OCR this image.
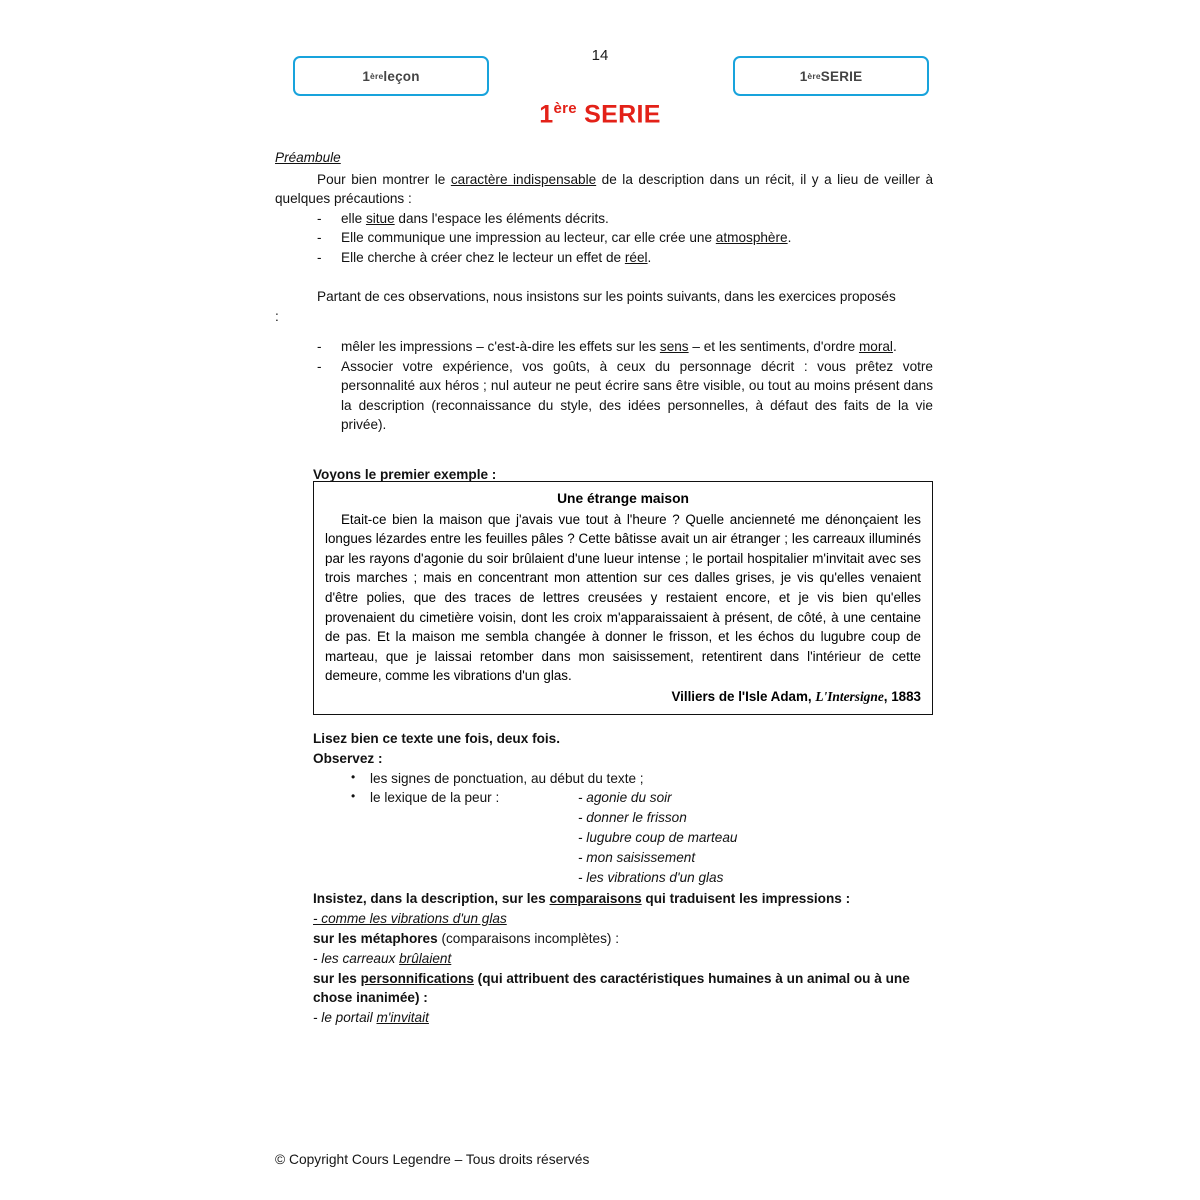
14
1 ère leçon	1 ère SERIE
1ère SERIE
Préambule

Pour bien montrer le caractère indispensable de la description dans un récit, il y a lieu de veiller à quelques précautions :

- elle situe dans l'espace les éléments décrits.
- Elle communique une impression au lecteur, car elle crée une atmosphère.
- Elle cherche à créer chez le lecteur un effet de réel.

Partant de ces observations, nous insistons sur les points suivants, dans les exercices proposés

:

- mêler les impressions – c'est-à-dire les effets sur les sens – et les sentiments, d'ordre moral.
- Associer votre expérience, vos goûts, à ceux du personnage décrit : vous prêtez votre personnalité aux héros ; nul auteur ne peut écrire sans être visible, ou tout au moins présent dans la description (reconnaissance du style, des idées personnelles, à défaut des faits de la vie privée).

Voyons le premier exemple :

Une étrange maison
Etait-ce bien la maison que j'avais vue tout à l'heure ? Quelle ancienneté me dénonçaient les longues lézardes entre les feuilles pâles ? Cette bâtisse avait un air étranger ; les carreaux illuminés par les rayons d'agonie du soir brûlaient d'une lueur intense ; le portail hospitalier m'invitait avec ses trois marches ; mais en concentrant mon attention sur ces dalles grises, je vis qu'elles venaient d'être polies, que des traces de lettres creusées y restaient encore, et je vis bien qu'elles provenaient du cimetière voisin, dont les croix m'apparaissaient à présent, de côté, à une centaine de pas. Et la maison me sembla changée à donner le frisson, et les échos du lugubre coup de marteau, que je laissai retomber dans mon saisissement, retentirent dans l'intérieur de cette demeure, comme les vibrations d'un glas.
Villiers de l'Isle Adam, L'Intersigne, 1883

Lisez bien ce texte une fois, deux fois.

Observez :

• les signes de ponctuation, au début du texte ;
• le lexique de la peur :	- agonie du soir
- donner le frisson
- lugubre coup de marteau
- mon saisissement
- les vibrations d'un glas

Insistez, dans la description, sur les comparaisons qui traduisent les impressions :

- comme les vibrations d'un glas

sur les métaphores (comparaisons incomplètes) :

- les carreaux brûlaient

sur les personnifications (qui attribuent des caractéristiques humaines à un animal ou à une chose inanimée) :

- le portail m'invitait

© Copyright Cours Legendre – Tous droits réservés
